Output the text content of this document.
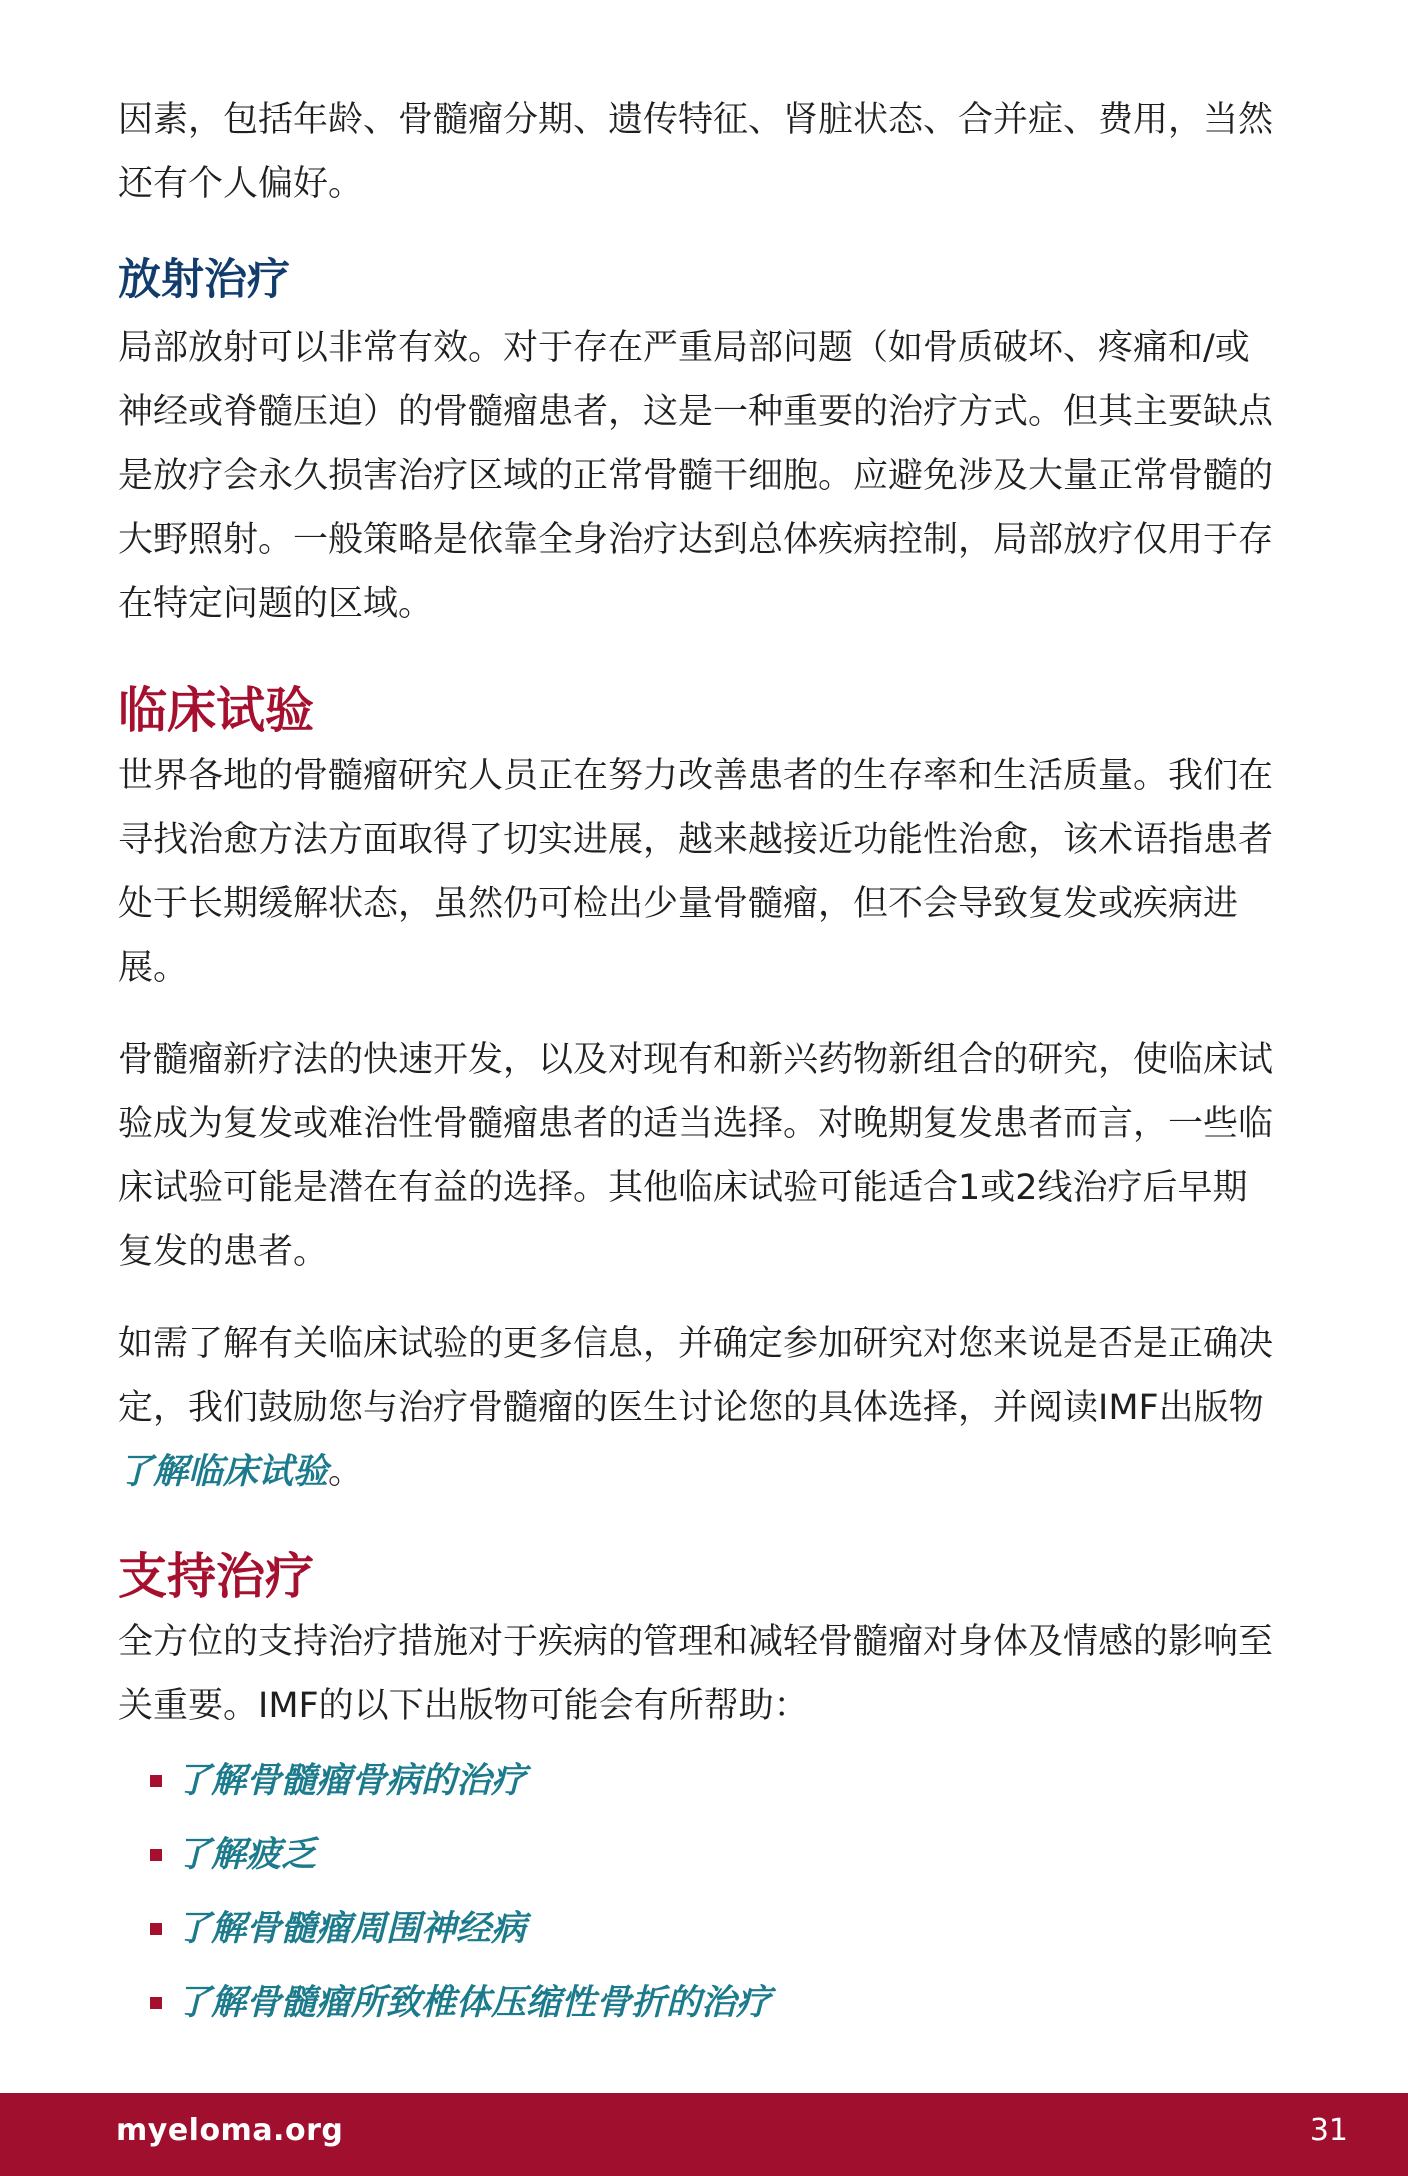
因素，包括年龄、骨髓瘤分期、遗传特征、肾脏状态、合并症、费用，当然还有个人偏好。

放射治疗

局部放射可以非常有效。对于存在严重局部问题（如骨质破坏、疼痛和/或神经或脊髓压迫）的骨髓瘤患者，这是一种重要的治疗方式。但其主要缺点是放疗会永久损害治疗区域的正常骨髓干细胞。应避免涉及大量正常骨髓的大野照射。一般策略是依靠全身治疗达到总体疾病控制，局部放疗仅用于存在特定问题的区域。

临床试验

世界各地的骨髓瘤研究人员正在努力改善患者的生存率和生活质量。我们在寻找治愈方法方面取得了切实进展，越来越接近功能性治愈，该术语指患者处于长期缓解状态，虽然仍可检出少量骨髓瘤，但不会导致复发或疾病进展。

骨髓瘤新疗法的快速开发，以及对现有和新兴药物新组合的研究，使临床试验成为复发或难治性骨髓瘤患者的适当选择。对晚期复发患者而言，一些临床试验可能是潜在有益的选择。其他临床试验可能适合1或2线治疗后早期复发的患者。

如需了解有关临床试验的更多信息，并确定参加研究对您来说是否是正确决定，我们鼓励您与治疗骨髓瘤的医生讨论您的具体选择，并阅读IMF出版物了解临床试验。

支持治疗

全方位的支持治疗措施对于疾病的管理和减轻骨髓瘤对身体及情感的影响至关重要。IMF的以下出版物可能会有所帮助：

了解骨髓瘤骨病的治疗
了解疲乏
了解骨髓瘤周围神经病
了解骨髓瘤所致椎体压缩性骨折的治疗
myeloma.org	31
